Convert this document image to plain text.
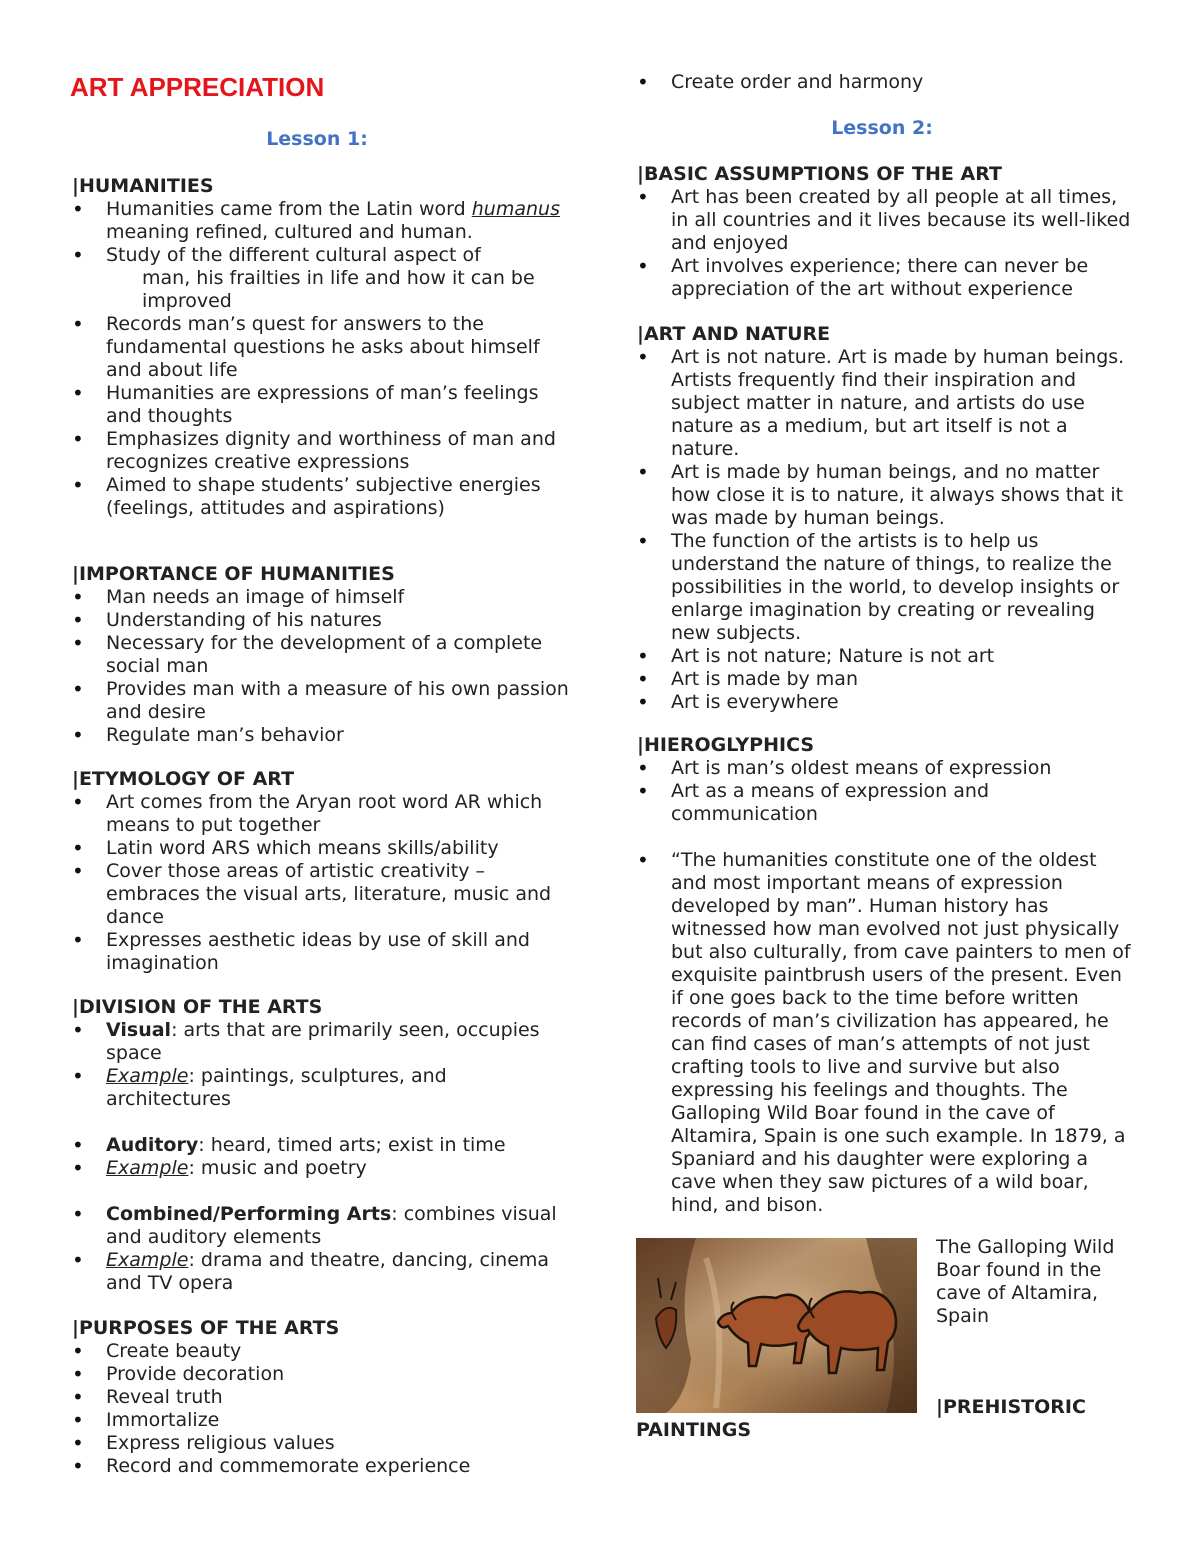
ART APPRECIATION
Lesson 1:
|HUMANITIES
• Humanities came from the Latin word humanus meaning refined, cultured and human.
• Study of the different cultural aspect of
man, his frailties in life and how it can be improved
• Records man’s quest for answers to the fundamental questions he asks about himself and about life
• Humanities are expressions of man’s feelings and thoughts
• Emphasizes dignity and worthiness of man and recognizes creative expressions
• Aimed to shape students’ subjective energies (feelings, attitudes and aspirations)
|IMPORTANCE OF HUMANITIES
• Man needs an image of himself
• Understanding of his natures
• Necessary for the development of a complete social man
• Provides man with a measure of his own passion and desire
• Regulate man’s behavior
|ETYMOLOGY OF ART
• Art comes from the Aryan root word AR which means to put together
• Latin word ARS which means skills/ability
• Cover those areas of artistic creativity – embraces the visual arts, literature, music and dance
• Expresses aesthetic ideas by use of skill and imagination
|DIVISION OF THE ARTS
• Visual: arts that are primarily seen, occupies space
• Example: paintings, sculptures, and architectures
• Auditory: heard, timed arts; exist in time
• Example: music and poetry
• Combined/Performing Arts: combines visual and auditory elements
• Example: drama and theatre, dancing, cinema and TV opera
|PURPOSES OF THE ARTS
• Create beauty
• Provide decoration
• Reveal truth
• Immortalize
• Express religious values
• Record and commemorate experience
• Create order and harmony
Lesson 2:
|BASIC ASSUMPTIONS OF THE ART
• Art has been created by all people at all times, in all countries and it lives because its well-liked and enjoyed
• Art involves experience; there can never be appreciation of the art without experience
|ART AND NATURE
• Art is not nature. Art is made by human beings. Artists frequently find their inspiration and subject matter in nature, and artists do use nature as a medium, but art itself is not a nature.
• Art is made by human beings, and no matter how close it is to nature, it always shows that it was made by human beings.
• The function of the artists is to help us understand the nature of things, to realize the possibilities in the world, to develop insights or enlarge imagination by creating or revealing new subjects.
• Art is not nature; Nature is not art
• Art is made by man
• Art is everywhere
|HIEROGLYPHICS
• Art is man’s oldest means of expression
• Art as a means of expression and communication
• “The humanities constitute one of the oldest and most important means of expression developed by man”. Human history has witnessed how man evolved not just physically but also culturally, from cave painters to men of exquisite paintbrush users of the present. Even if one goes back to the time before written records of man’s civilization has appeared, he can find cases of man’s attempts of not just crafting tools to live and survive but also expressing his feelings and thoughts. The Galloping Wild Boar found in the cave of Altamira, Spain is one such example. In 1879, a Spaniard and his daughter were exploring a cave when they saw pictures of a wild boar, hind, and bison.
The Galloping Wild Boar found in the cave of Altamira, Spain
|PREHISTORIC
PAINTINGS
